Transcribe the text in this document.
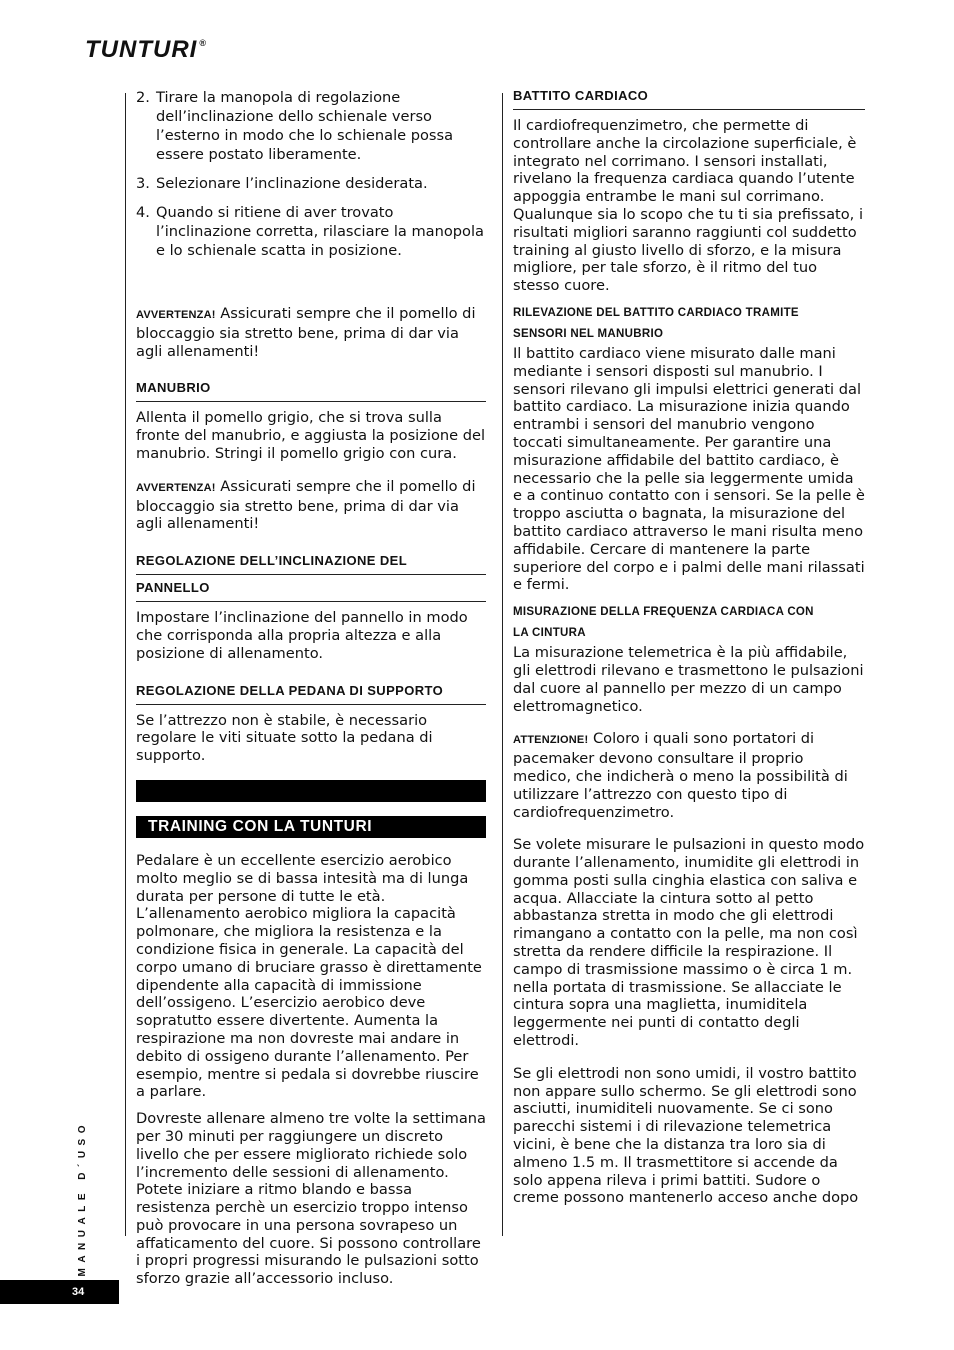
TUNTURI ®
2. Tirare la manopola di regolazione dell’inclinazione dello schienale verso l’esterno in modo che lo schienale possa essere postato liberamente.
3. Selezionare l’inclinazione desiderata.
4. Quando si ritiene di aver trovato l’inclinazione corretta, rilasciare la manopola e lo schienale scatta in posizione.

AVVERTENZA! Assicurati sempre che il pomello di bloccaggio sia stretto bene, prima di dar via agli allenamenti!

MANUBRIO

Allenta il pomello grigio, che si trova sulla fronte del manubrio, e aggiusta la posizione del manubrio. Stringi il pomello grigio con cura.

AVVERTENZA! Assicurati sempre che il pomello di bloccaggio sia stretto bene, prima di dar via agli allenamenti!

REGOLAZIONE DELL’INCLINAZIONE DEL
PANNELLO

Impostare l’inclinazione del pannello in modo che corrisponda alla propria altezza e alla posizione di allenamento.

REGOLAZIONE DELLA PEDANA DI SUPPORTO

Se l’attrezzo non è stabile, è necessario regolare le viti situate sotto la pedana di supporto.

TRAINING CON LA TUNTURI

Pedalare è un eccellente esercizio aerobico molto meglio se di bassa intesità ma di lunga durata per persone di tutte le età. L’allenamento aerobico migliora la capacità polmonare, che migliora la resistenza e la condizione fisica in generale. La capacità del corpo umano di bruciare grasso è direttamente dipendente alla capacità di immissione dell’ossigeno. L’esercizio aerobico deve sopratutto essere divertente. Aumenta la respirazione ma non dovreste mai andare in debito di ossigeno durante l’allenamento. Per esempio, mentre si pedala si dovrebbe riuscire a parlare.

Dovreste allenare almeno tre volte la settimana per 30 minuti per raggiungere un discreto livello che per essere migliorato richiede solo l’incremento delle sessioni di allenamento. Potete iniziare a ritmo blando e bassa resistenza perchè un esercizio troppo intenso può provocare in una persona sovrapeso un affaticamento del cuore. Si possono controllare i propri progressi misurando le pulsazioni sotto sforzo grazie all’accessorio incluso.

BATTITO CARDIACO

Il cardiofrequenzimetro, che permette di controllare anche la circolazione superficiale, è integrato nel corrimano. I sensori installati, rivelano la frequenza cardiaca quando l’utente appoggia entrambe le mani sul corrimano. Qualunque sia lo scopo che tu ti sia prefissato, i risultati migliori saranno raggiunti col suddetto training al giusto livello di sforzo, e la misura migliore, per tale sforzo, è il ritmo del tuo stesso cuore.

RILEVAZIONE DEL BATTITO CARDIACO TRAMITE
SENSORI NEL MANUBRIO

Il battito cardiaco viene misurato dalle mani mediante i sensori disposti sul manubrio. I sensori rilevano gli impulsi elettrici generati dal battito cardiaco. La misurazione inizia quando entrambi i sensori del manubrio vengono toccati simultaneamente. Per garantire una misurazione affidabile del battito cardiaco, è necessario che la pelle sia leggermente umida e a continuo contatto con i sensori. Se la pelle è troppo asciutta o bagnata, la misurazione del battito cardiaco attraverso le mani risulta meno affidabile. Cercare di mantenere la parte superiore del corpo e i palmi delle mani rilassati e fermi.

MISURAZIONE DELLA FREQUENZA CARDIACA CON
LA CINTURA

La misurazione telemetrica è la più affidabile, gli elettrodi rilevano e trasmettono le pulsazioni dal cuore al pannello per mezzo di un campo elettromagnetico.

ATTENZIONE! Coloro i quali sono portatori di pacemaker devono consultare il proprio medico, che indicherà o meno la possibilità di utilizzare l’attrezzo con questo tipo di cardiofrequenzimetro.

Se volete misurare le pulsazioni in questo modo durante l’allenamento, inumidite gli elettrodi in gomma posti sulla cinghia elastica con saliva e acqua. Allacciate la cintura sotto al petto abbastanza stretta in modo che gli elettrodi rimangano a contatto con la pelle, ma non così stretta da rendere difficile la respirazione. Il campo di trasmissione massimo o è circa 1 m. nella portata di trasmissione. Se allacciate le cintura sopra una maglietta, inumiditela leggermente nei punti di contatto degli elettrodi.

Se gli elettrodi non sono umidi, il vostro battito non appare sullo schermo. Se gli elettrodi sono asciutti, inumiditeli nuovamente. Se ci sono parecchi sistemi i di rilevazione telemetrica vicini, è bene che la distanza tra loro sia di almeno 1.5 m. Il trasmettitore si accende da solo appena rileva i primi battiti. Sudore o creme possono mantenerlo acceso anche dopo

MANUALE D´USO
34
